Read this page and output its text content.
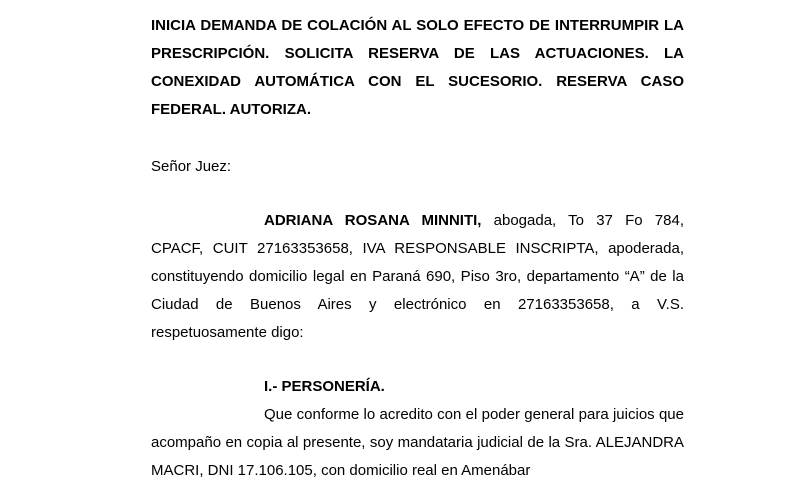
INICIA DEMANDA DE COLACIÓN AL SOLO EFECTO DE INTERRUMPIR LA PRESCRIPCIÓN. SOLICITA RESERVA DE LAS ACTUACIONES. LA CONEXIDAD AUTOMÁTICA CON EL SUCESORIO. RESERVA CASO FEDERAL. AUTORIZA.

Señor Juez:

ADRIANA ROSANA MINNITI, abogada, To 37 Fo 784, CPACF, CUIT 27163353658, IVA RESPONSABLE INSCRIPTA, apoderada, constituyendo domicilio legal en Paraná 690, Piso 3ro, departamento “A” de la Ciudad de Buenos Aires y electrónico en 27163353658, a V.S. respetuosamente digo:

I.- PERSONERÍA.

Que conforme lo acredito con el poder general para juicios que acompaño en copia al presente, soy mandataria judicial de la Sra. ALEJANDRA MACRI, DNI 17.106.105, con domicilio real en Amenábar
